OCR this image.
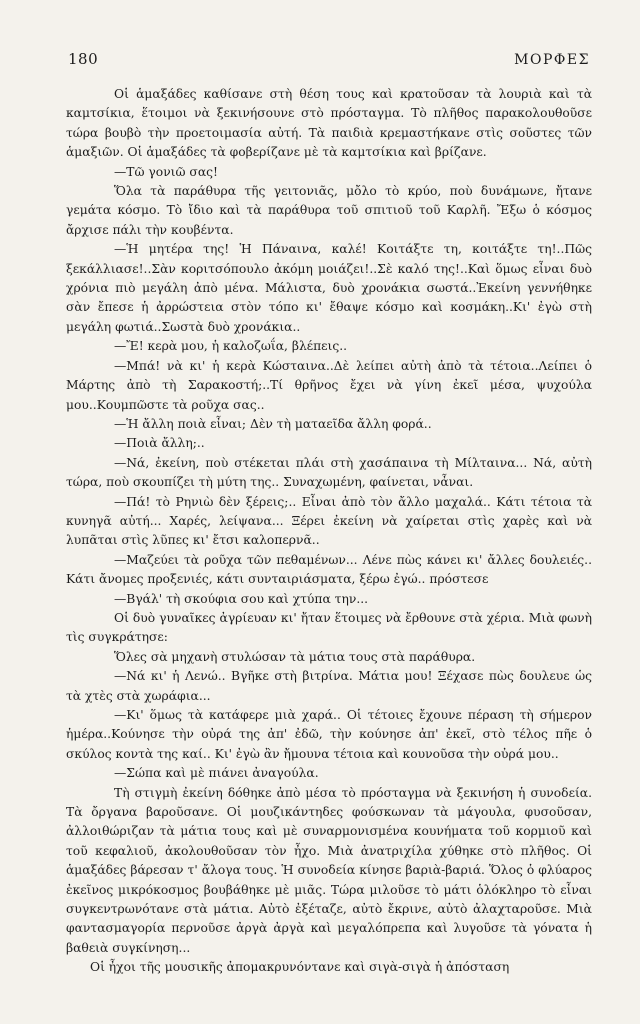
180	ΜΟΡΦΕΣ

Οἱ ἁμαξάδες καθίσανε στὴ θέση τους καὶ κρατοῦσαν τὰ λουριὰ καὶ τὰ καμτσίκια, ἕτοιμοι νὰ ξεκινήσουνε στὸ πρόσταγμα. Τὸ πλῆθος παρακολουθοῦσε τώρα βουβὸ τὴν προετοιμασία αὐτή. Τὰ παιδιὰ κρεμαστήκανε στὶς σοῦστες τῶν ἁμαξιῶν. Οἱ ἁμαξάδες τὰ φοβερίζανε μὲ τὰ καμτσίκια καὶ βρίζανε.

—Τῶ γονιῶ σας!

Ὅλα τὰ παράθυρα τῆς γειτονιᾶς, μὄλο τὸ κρύο, ποὺ δυνάμωνε, ἤτανε γεμάτα κόσμο. Τὸ ἴδιο καὶ τὰ παράθυρα τοῦ σπιτιοῦ τοῦ Καρλῆ. Ἔξω ὁ κόσμος ἄρχισε πάλι τὴν κουβέντα.

—Ἡ μητέρα της! Ἡ Πάναινα, καλέ! Κοιτάξτε τη, κοιτάξτε τη!..Πῶς ξεκάλλιασε!..Σὰν κοριτσόπουλο ἀκόμη μοιάζει!..Σὲ καλό της!..Καὶ ὅμως εἶναι δυὸ χρόνια πιὸ μεγάλη ἀπὸ μένα. Μάλιστα, δυὸ χρονάκια σωστά..Ἐκείνη γεννήθηκε σὰν ἔπεσε ἡ ἀρρώστεια στὸν τόπο κι' ἔθαψε κόσμο καὶ κοσμάκη..Κι' ἐγὼ στὴ μεγάλη φωτιά..Σωστὰ δυὸ χρονάκια..

—Ἔ! κερὰ μου, ἡ καλοζωΐα, βλέπεις..

—Μπά! νὰ κι' ἡ κερὰ Κώσταινα..Δὲ λείπει αὐτὴ ἀπὸ τὰ τέτοια..Λείπει ὁ Μάρτης ἀπὸ τὴ Σαρακοστή;..Τί θρῆνος ἔχει νὰ γίνη ἐκεῖ μέσα, ψυχούλα μου..Κουμπῶστε τὰ ροῦχα σας..

—Ἡ ἄλλη ποιὰ εἶναι; Δὲν τὴ ματαεῖδα ἄλλη φορά..

—Ποιὰ ἄλλη;..

—Νά, ἐκείνη, ποὺ στέκεται πλάι στὴ χασάπαινα τὴ Μίλταινα... Νά, αὐτὴ τώρα, ποὺ σκουπίζει τὴ μύτη της.. Συναχωμένη, φαίνεται, νἆναι.

—Πά! τὸ Ρηνιὼ δὲν ξέρεις;.. Εἶναι ἀπὸ τὸν ἄλλο μαχαλά.. Κάτι τέτοια τὰ κυνηγᾶ αὐτή... Χαρές, λείψανα... Ξέρει ἐκείνη νὰ χαίρεται στὶς χαρὲς καὶ νὰ λυπᾶται στὶς λῦπες κι' ἔτσι καλοπερνᾶ..

—Μαζεύει τὰ ροῦχα τῶν πεθαμένων... Λένε πὼς κάνει κι' ἄλλες δουλειές.. Κάτι ἄνομες προξενιές, κάτι συνταιριάσματα, ξέρω ἐγώ.. πρόστεσε

—Βγάλ' τὴ σκούφια σου καὶ χτύπα την...

Οἱ δυὸ γυναῖκες ἀγρίευαν κι' ἤταν ἕτοιμες νὰ ἔρθουνε στὰ χέρια. Μιὰ φωνὴ τὶς συγκράτησε:

Ὅλες σὰ μηχανὴ στυλώσαν τὰ μάτια τους στὰ παράθυρα.

—Νά κι' ἡ Λενώ.. Βγῆκε στὴ βιτρίνα. Μάτια μου! Ξέχασε πὼς δουλευε ὡς τὰ χτὲς στὰ χωράφια...

—Κι' ὅμως τὰ κατάφερε μιὰ χαρά.. Οἱ τέτοιες ἔχουνε πέραση τὴ σήμερον ἡμέρα..Κούνησε τὴν οὐρά της ἀπ' ἐδῶ, τὴν κούνησε ἀπ' ἐκεῖ, στὸ τέλος πῆε ὁ σκύλος κοντὰ της καί.. Κι' ἐγὼ ἂν ἤμουνα τέτοια καὶ κουνοῦσα τὴν οὐρά μου..

—Σώπα καὶ μὲ πιάνει ἀναγούλα.

Τὴ στιγμὴ ἐκείνη δόθηκε ἀπὸ μέσα τὸ πρόσταγμα νὰ ξεκινήση ἡ συνοδεία. Τὰ ὄργανα βαροῦσανε. Οἱ μουζικάντηδες φούσκωναν τὰ μάγουλα, φυσοῦσαν, ἀλλοιθώριζαν τὰ μάτια τους καὶ μὲ συναρμονισμένα κουνήματα τοῦ κορμιοῦ καὶ τοῦ κεφαλιοῦ, ἀκολουθοῦσαν τὸν ἦχο. Μιὰ ἀνατριχίλα χύθηκε στὸ πλῆθος. Οἱ ἁμαξάδες βάρεσαν τ' ἄλογα τους. Ἡ συνοδεία κίνησε βαριὰ-βαριά. Ὅλος ὁ φλύαρος ἐκεῖνος μικρόκοσμος βουβάθηκε μὲ μιᾶς. Τώρα μιλοῦσε τὸ μάτι ὁλόκληρο τὸ εἶναι συγκεντρωνότανε στὰ μάτια. Αὐτὸ ἐξέταζε, αὐτὸ ἔκρινε, αὐτὸ ἀλαχταροῦσε. Μιὰ φαντασμαγορία περνοῦσε ἀργὰ ἀργὰ καὶ μεγαλόπρεπα καὶ λυγοῦσε τὰ γόνατα ἡ βαθειὰ συγκίνηση...

Οἱ ἦχοι τῆς μουσικῆς ἀπομακρυνόντανε καὶ σιγὰ-σιγὰ ἡ ἀπόσταση
